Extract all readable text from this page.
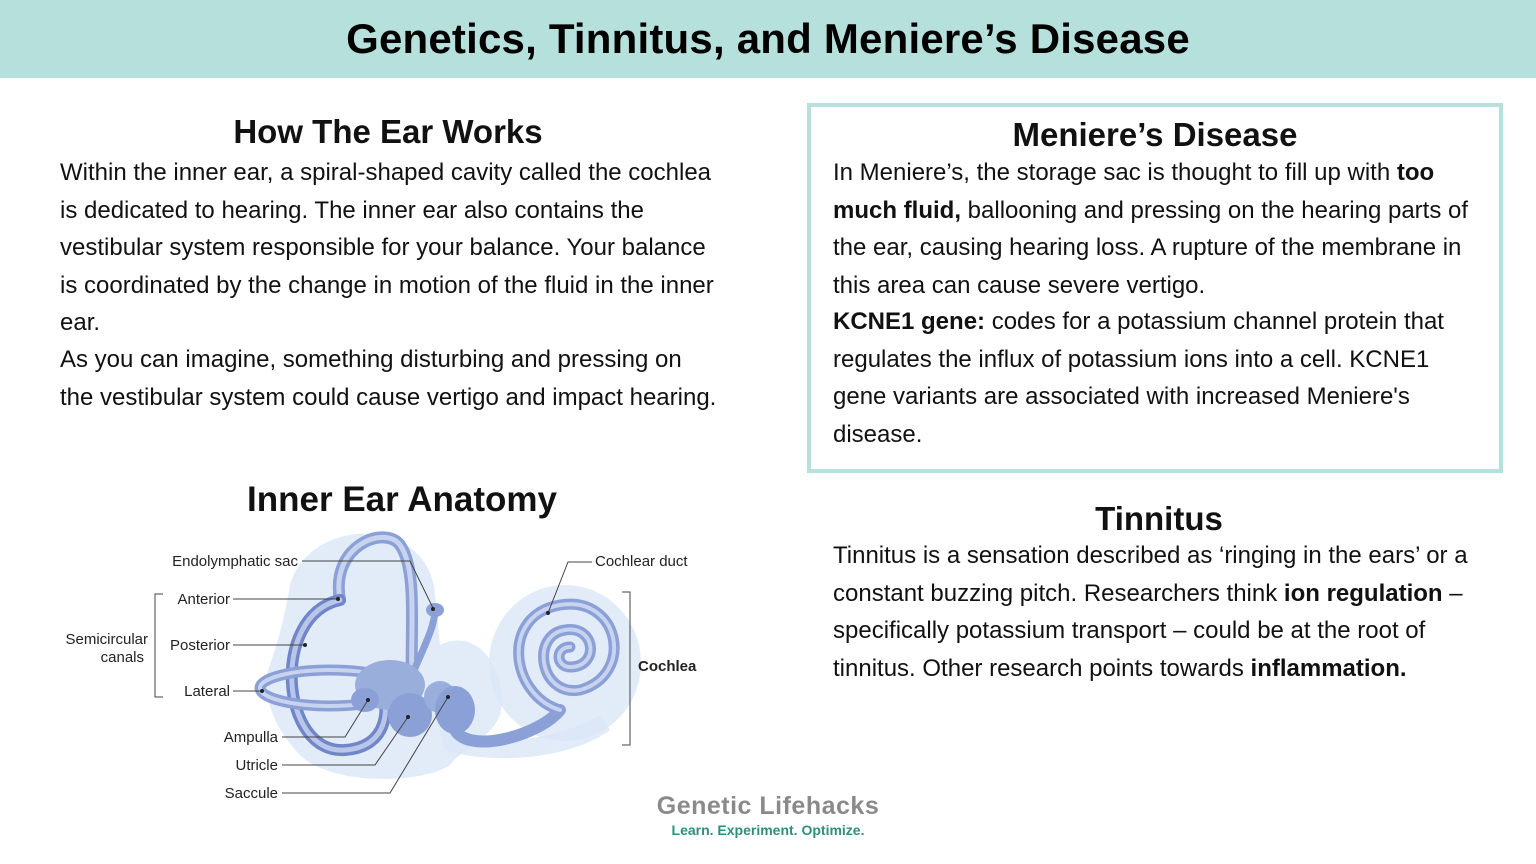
Genetics, Tinnitus, and Meniere’s Disease
How The Ear Works

Within the inner ear, a spiral-shaped cavity called the cochlea is dedicated to hearing. The inner ear also contains the vestibular system responsible for your balance. Your balance is coordinated by the change in motion of the fluid in the inner ear.

As you can imagine, something disturbing and pressing on the vestibular system could cause vertigo and impact hearing.

Inner Ear Anatomy
Endolymphatic sac	Cochlear duct
Anterior
Posterior
Lateral
Semicircular
canals
Cochlea
Ampulla
Utricle
Saccule
Meniere’s Disease

In Meniere’s, the storage sac is thought to fill up with too much fluid, ballooning and pressing on the hearing parts of the ear, causing hearing loss. A rupture of the membrane in this area can cause severe vertigo.

KCNE1 gene: codes for a potassium channel protein that regulates the influx of potassium ions into a cell. KCNE1 gene variants are associated with increased Meniere's disease.

Tinnitus

Tinnitus is a sensation described as ‘ringing in the ears’ or a constant buzzing pitch. Researchers think ion regulation – specifically potassium transport – could be at the root of tinnitus. Other research points towards inflammation.

Genetic Lifehacks
Learn. Experiment. Optimize.
